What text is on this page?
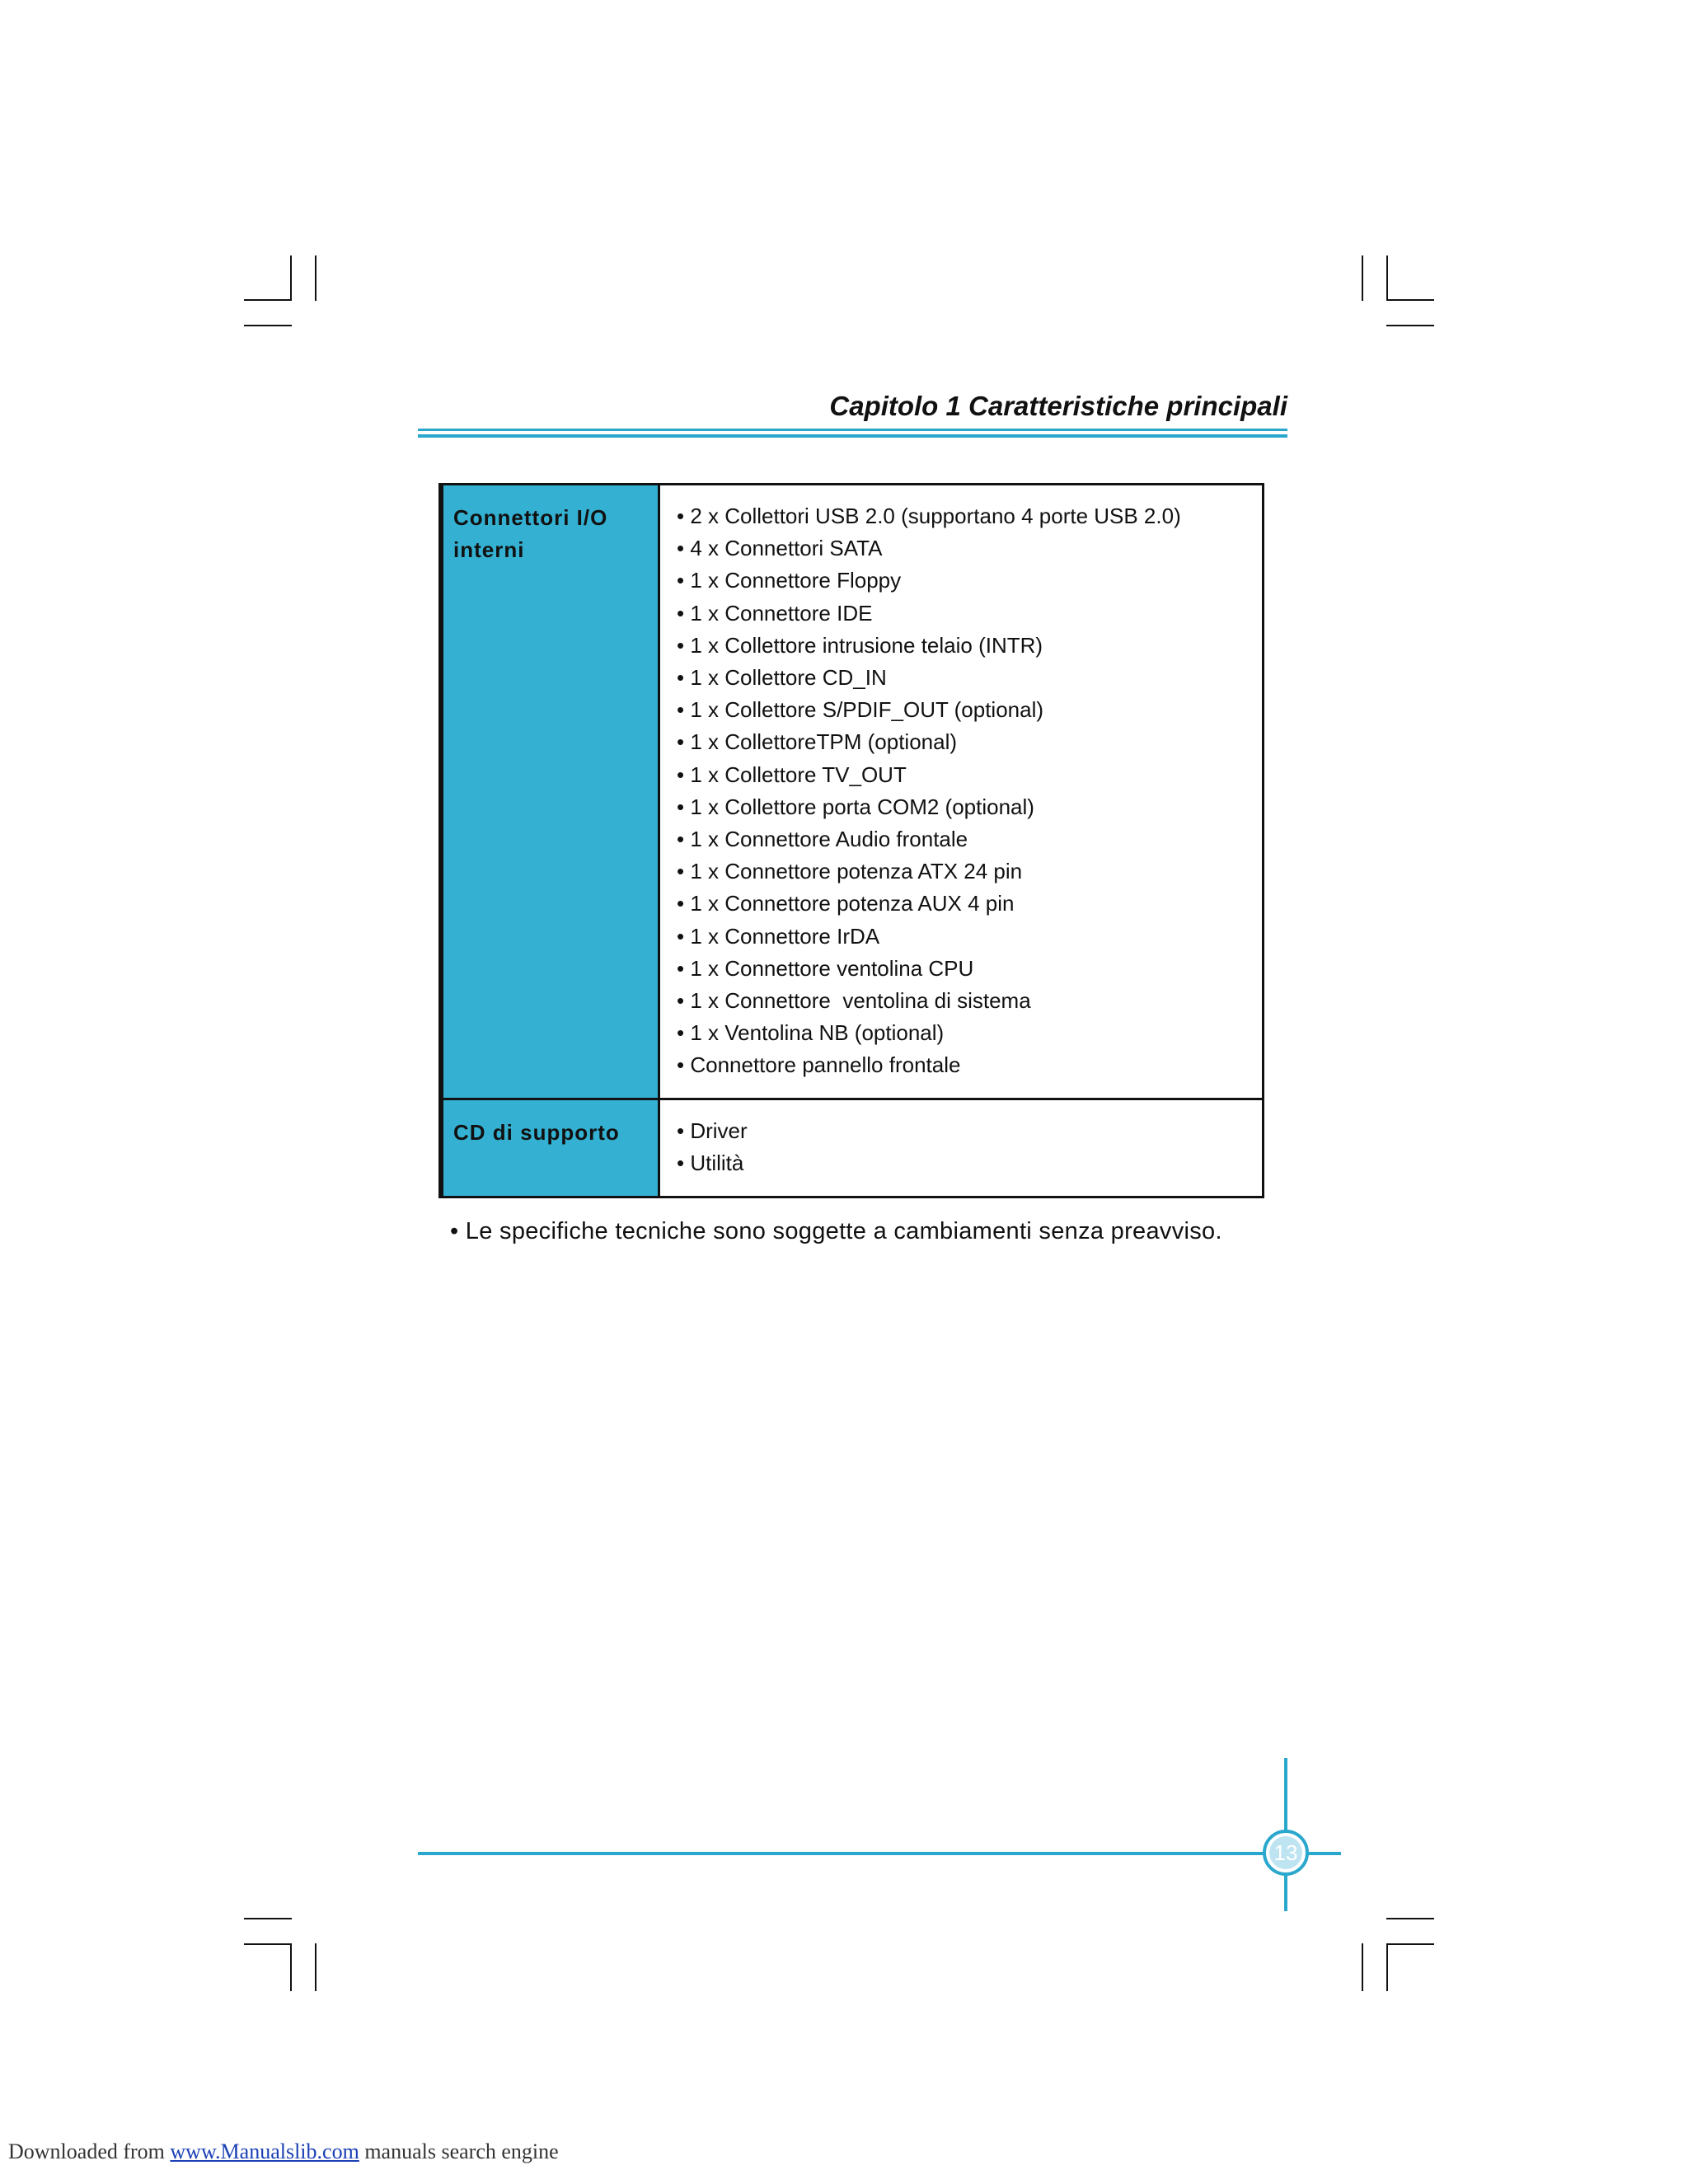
Capitolo 1 Caratteristiche principali
Connettori I/O
interni
• 2 x Collettori USB 2.0 (supportano 4 porte USB 2.0)
• 4 x Connettori SATA
• 1 x Connettore Floppy
• 1 x Connettore IDE
• 1 x Collettore intrusione telaio (INTR)
• 1 x Collettore CD_IN
• 1 x Collettore S/PDIF_OUT (optional)
• 1 x CollettoreTPM (optional)
• 1 x Collettore TV_OUT
• 1 x Collettore porta COM2 (optional)
• 1 x Connettore Audio frontale
• 1 x Connettore potenza ATX 24 pin
• 1 x Connettore potenza AUX 4 pin
• 1 x Connettore IrDA
• 1 x Connettore ventolina CPU
• 1 x Connettore  ventolina di sistema
• 1 x Ventolina NB (optional)
• Connettore pannello frontale
CD di supporto
•	Driver
• Utilità
• Le specifiche tecniche sono soggette a cambiamenti senza preavviso.
13
Downloaded from www.Manualslib.com manuals search engine
